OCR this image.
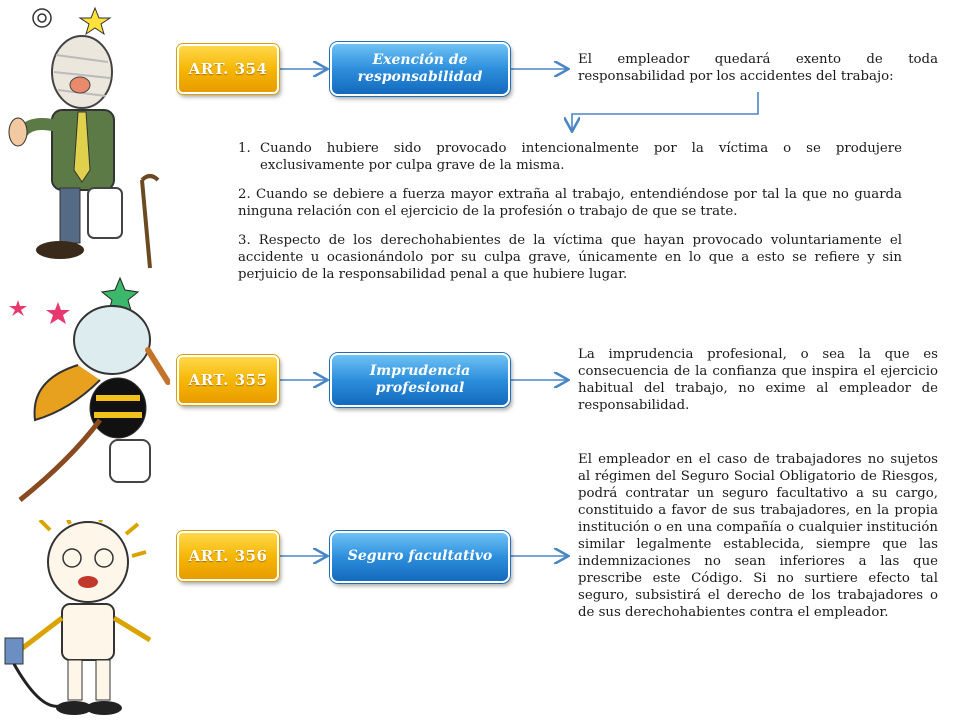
ART. 354
Exención de responsabilidad
El empleador quedará exento de toda responsabilidad por los accidentes del trabajo:

1. Cuando hubiere sido provocado intencionalmente por la víctima o se produjere exclusivamente por culpa grave de la misma.

2. Cuando se debiere a fuerza mayor extraña al trabajo, entendiéndose por tal la que no guarda ninguna relación con el ejercicio de la profesión o trabajo de que se trate.

3. Respecto de los derechohabientes de la víctima que hayan provocado voluntariamente el accidente u ocasionándolo por su culpa grave, únicamente en lo que a esto se refiere y sin perjuicio de la responsabilidad penal a que hubiere lugar.

ART. 355
Imprudencia profesional
La imprudencia profesional, o sea la que es consecuencia de la confianza que inspira el ejercicio habitual del trabajo, no exime al empleador de responsabilidad.
ART. 356	Seguro facultativo
El empleador en el caso de trabajadores no sujetos al régimen del Seguro Social Obligatorio de Riesgos, podrá contratar un seguro facultativo a su cargo, constituido a favor de sus trabajadores, en la propia institución o en una compañía o cualquier institución similar legalmente establecida, siempre que las indemnizaciones no sean inferiores a las que prescribe este Código. Si no surtiere efecto tal seguro, subsistirá el derecho de los trabajadores o de sus derechohabientes contra el empleador.
